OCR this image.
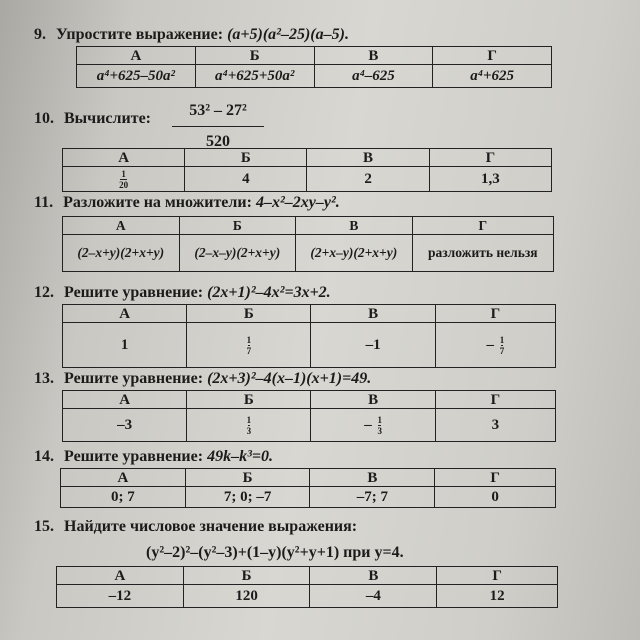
9. Упростите выражение: (a+5)(a²–25)(a–5).
А	Б	В	Г
a⁴+625–50a²	a⁴+625+50a²	a⁴–625	a⁴+625
10. Вычислите:	53² – 27²
520
А	Б	В	Г

$\frac{1}{20}$	4	2	1,3
11. Разложите на множители: 4–x²–2xy–y².
А	Б	В	Г
(2–x+y)(2+x+y)	(2–x–y)(2+x+y)	(2+x–y)(2+x+y)	разложить нельзя
12. Решите уравнение: (2x+1)²–4x²=3x+2.
А	Б	В	Г
1	$\frac{1}{7}$	–1	– $\frac{1}{7}$
13. Решите уравнение: (2x+3)²–4(x–1)(x+1)=49.
А	Б	В	Г
–3	$\frac{1}{3}$	– $\frac{1}{3}$	3
14. Решите уравнение: 49k–k³=0.
А	Б	В	Г
0; 7	7; 0; –7	–7; 7	0
15. Найдите числовое значение выражения:
(y²–2)²–(y²–3)+(1–y)(y²+y+1) при y=4.
А	Б	В	Г
–12	120	–4	12
